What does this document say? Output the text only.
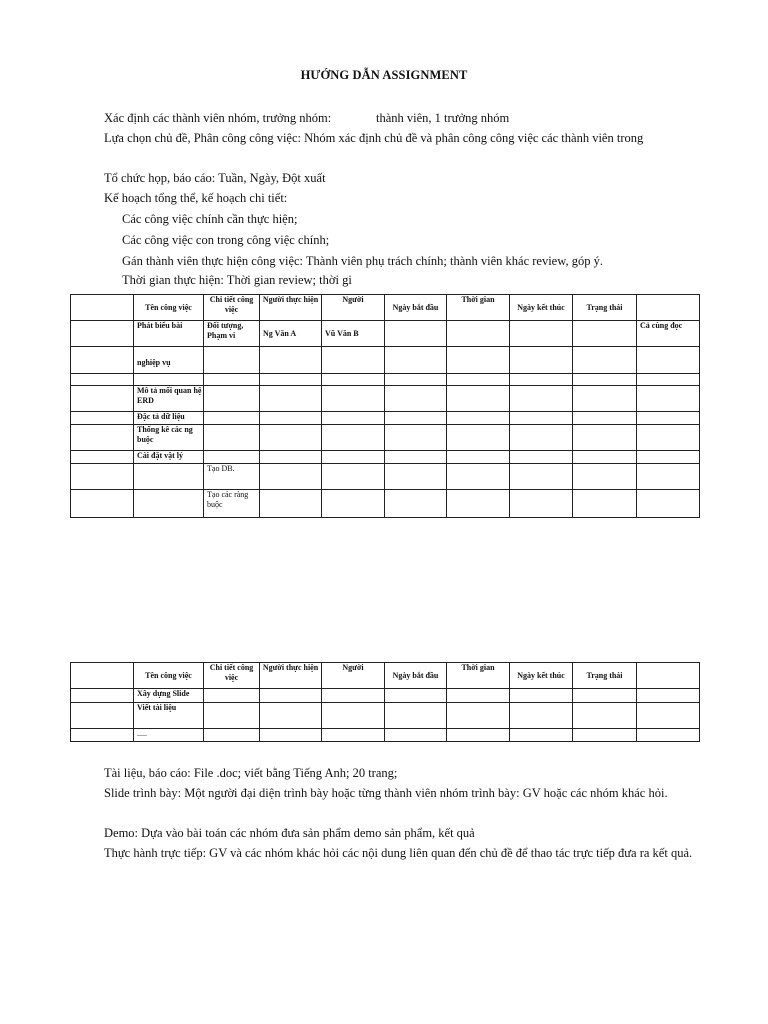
HƯỚNG DẪN ASSIGNMENT
Xác định các thành viên nhóm, trưởng nhóm:	thành viên, 1 trưởng nhóm
Lựa chọn chủ đề, Phân công công việc: Nhóm xác định chủ đề và phân công công việc các thành viên trong
Tổ chức họp, báo cáo: Tuần, Ngày, Đột xuất
Kế hoạch tổng thể, kế hoạch chi tiết:
Các công việc chính cần thực hiện;
Các công việc con trong công việc chính;
Gán thành viên thực hiện công việc: Thành viên phụ trách chính; thành viên khác review, góp ý.
Thời gian thực hiện: Thời gian review; thời gi
	Tên công việc	Chi tiết công việc	Người thực hiện	Người	Ngày bắt đầu	Thời gian	Ngày kết thúc	Trạng thái	
	Phát biểu bài	Đối tượng, Phạm vi	Ng Văn A	Vũ Văn B					Cả cùng đọc
	nghiệp vụ								

	Mô tả mối quan hệ ERD								
	Đặc tả dữ liệu								
	Thống kê các ng buộc								
	Cài đặt vật lý								
		Tạo DB.							
		Tạo các ràng buộc							
	Tên công việc	Chi tiết công việc	Người thực hiện	Người	Ngày bắt đầu	Thời gian	Ngày kết thúc	Trạng thái	
	Xây dựng Slide								
	Viết tài liệu								
	.....								
Tài liệu, báo cáo: File .doc; viết bằng Tiếng Anh; 20 trang;
Slide trình bày: Một người đại diện trình bày hoặc từng thành viên nhóm trình bày: GV hoặc các nhóm khác hỏi.
Demo: Dựa vào bài toán các nhóm đưa sản phẩm demo sản phẩm, kết quả
Thực hành trực tiếp: GV và các nhóm khác hỏi các nội dung liên quan đến chủ đề để thao tác trực tiếp đưa ra kết quả.
